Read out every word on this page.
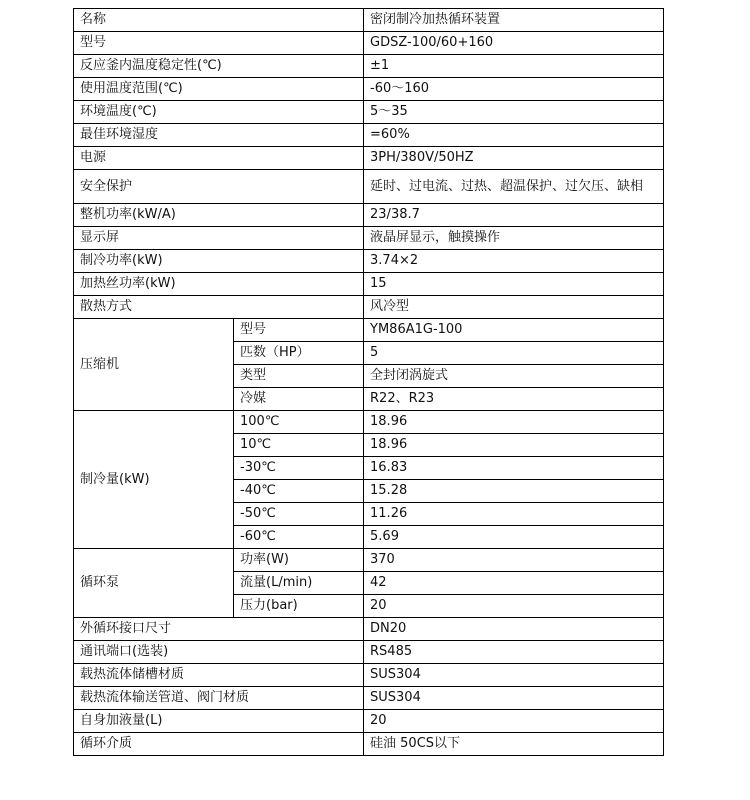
名称		密闭制冷加热循环装置
型号		GDSZ-100/60+160
反应釜内温度稳定性(℃)		±1
使用温度范围(℃)		-60～160
环境温度(℃)		5～35
最佳环境湿度		=60%
电源		3PH/380V/50HZ
安全保护		延时、过电流、过热、超温保护、过欠压、缺相
整机功率(kW/A)		23/38.7
显示屏		液晶屏显示，触摸操作
制冷功率(kW)		3.74×2
加热丝功率(kW)		15
散热方式		风冷型
压缩机	型号	YM86A1G-100
	匹数（HP）	5
	类型	全封闭涡旋式
	冷媒	R22、R23
制冷量(kW)	100℃	18.96
	10℃	18.96
	-30℃	16.83
	-40℃	15.28
	-50℃	11.26
	-60℃	5.69
循环泵	功率(W)	370
	流量(L/min)	42
	压力(bar)	20
外循环接口尺寸		DN20
通讯端口(选装)		RS485
载热流体储槽材质		SUS304
载热流体输送管道、阀门材质		SUS304
自身加液量(L)		20
循环介质		硅油 50CS以下
